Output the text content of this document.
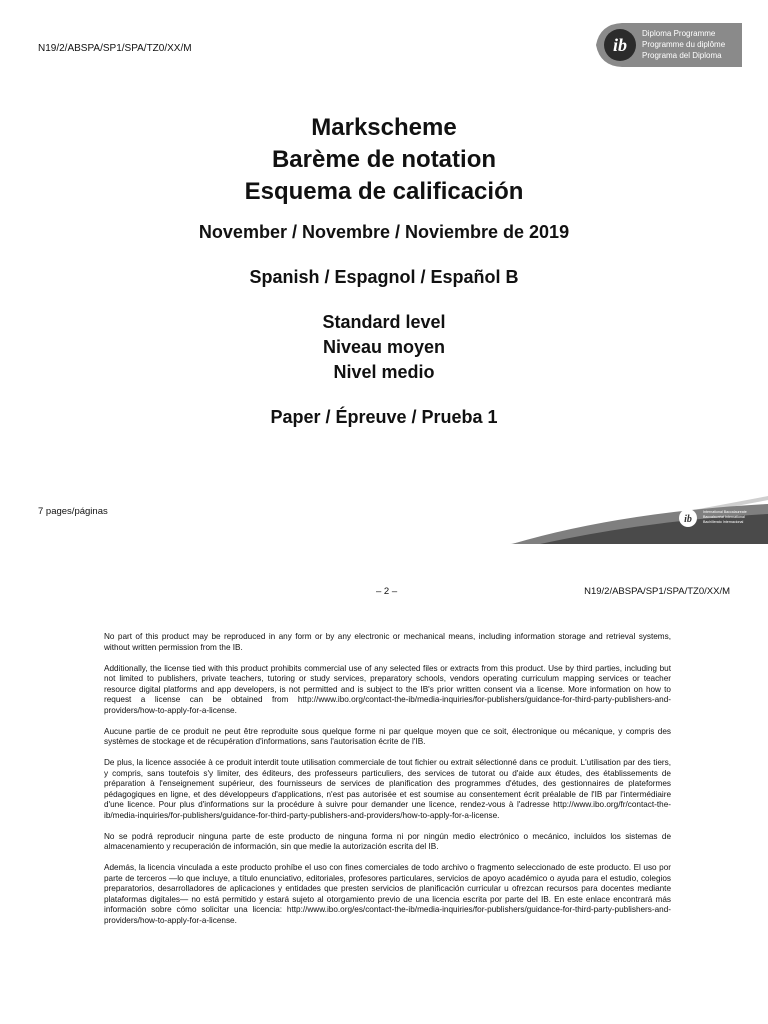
N19/2/ABSPA/SP1/SPA/TZ0/XX/M	ib
Diploma Programme
Programme du diplôme
Programa del Diploma
Markscheme
Barème de notation
Esquema de calificación
November / Novembre / Noviembre de 2019
Spanish / Espagnol / Español B
Standard level
Niveau moyen
Nivel medio
Paper / Épreuve / Prueba 1
7 pages/páginas
ib
International Baccalaureate
Baccalauréat International
Bachillerato Internacional
– 2 –	N19/2/ABSPA/SP1/SPA/TZ0/XX/M

No part of this product may be reproduced in any form or by any electronic or mechanical means, including information storage and retrieval systems, without written permission from the IB.

Additionally, the license tied with this product prohibits commercial use of any selected files or extracts from this product. Use by third parties, including but not limited to publishers, private teachers, tutoring or study services, preparatory schools, vendors operating curriculum mapping services or teacher resource digital platforms and app developers, is not permitted and is subject to the IB's prior written consent via a license. More information on how to request a license can be obtained from http://www.ibo.org/contact-the-ib/media-inquiries/for-publishers/guidance-for-third-party-publishers-and-providers/how-to-apply-for-a-license.

Aucune partie de ce produit ne peut être reproduite sous quelque forme ni par quelque moyen que ce soit, électronique ou mécanique, y compris des systèmes de stockage et de récupération d'informations, sans l'autorisation écrite de l'IB.

De plus, la licence associée à ce produit interdit toute utilisation commerciale de tout fichier ou extrait sélectionné dans ce produit. L'utilisation par des tiers, y compris, sans toutefois s'y limiter, des éditeurs, des professeurs particuliers, des services de tutorat ou d'aide aux études, des établissements de préparation à l'enseignement supérieur, des fournisseurs de services de planification des programmes d'études, des gestionnaires de plateformes pédagogiques en ligne, et des développeurs d'applications, n'est pas autorisée et est soumise au consentement écrit préalable de l'IB par l'intermédiaire d'une licence. Pour plus d'informations sur la procédure à suivre pour demander une licence, rendez-vous à l'adresse http://www.ibo.org/fr/contact-the-ib/media-inquiries/for-publishers/guidance-for-third-party-publishers-and-providers/how-to-apply-for-a-license.

No se podrá reproducir ninguna parte de este producto de ninguna forma ni por ningún medio electrónico o mecánico, incluidos los sistemas de almacenamiento y recuperación de información, sin que medie la autorización escrita del IB.

Además, la licencia vinculada a este producto prohíbe el uso con fines comerciales de todo archivo o fragmento seleccionado de este producto. El uso por parte de terceros —lo que incluye, a título enunciativo, editoriales, profesores particulares, servicios de apoyo académico o ayuda para el estudio, colegios preparatorios, desarrolladores de aplicaciones y entidades que presten servicios de planificación curricular u ofrezcan recursos para docentes mediante plataformas digitales— no está permitido y estará sujeto al otorgamiento previo de una licencia escrita por parte del IB. En este enlace encontrará más información sobre cómo solicitar una licencia: http://www.ibo.org/es/contact-the-ib/media-inquiries/for-publishers/guidance-for-third-party-publishers-and-providers/how-to-apply-for-a-license.
